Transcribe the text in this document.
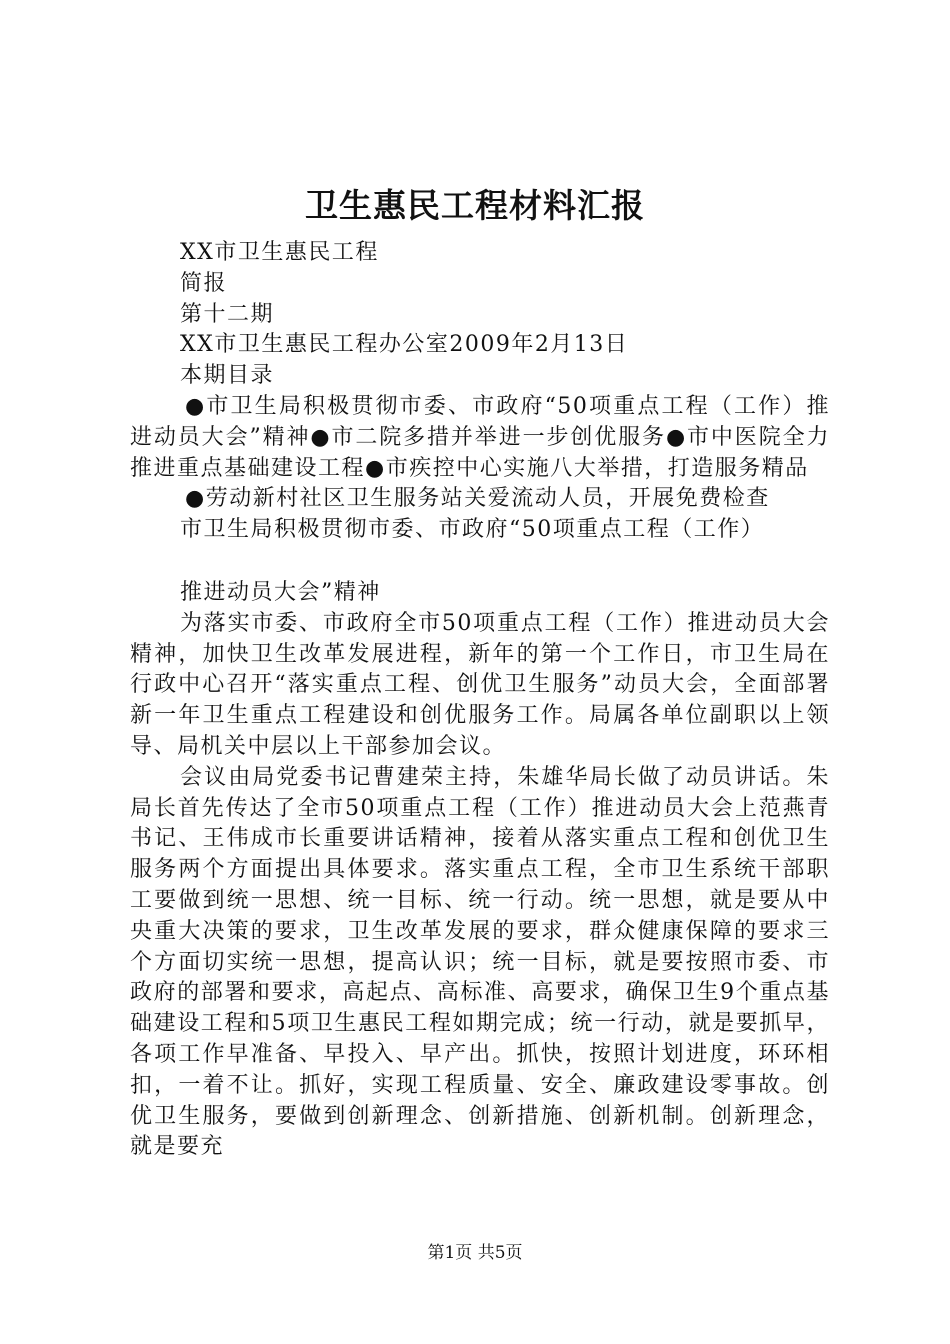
卫生惠民工程材料汇报

XX市卫生惠民工程

简报

第十二期

XX市卫生惠民工程办公室2009年2月13日

本期目录

●市卫生局积极贯彻市委、市政府“50项重点工程（工作）推进动员大会”精神●市二院多措并举进一步创优服务●市中医院全力推进重点基础建设工程●市疾控中心实施八大举措，打造服务精品

●劳动新村社区卫生服务站关爱流动人员，开展免费检查

市卫生局积极贯彻市委、市政府“50项重点工程（工作）

推进动员大会”精神

为落实市委、市政府全市50项重点工程（工作）推进动员大会精神，加快卫生改革发展进程，新年的第一个工作日，市卫生局在行政中心召开“落实重点工程、创优卫生服务”动员大会，全面部署新一年卫生重点工程建设和创优服务工作。局属各单位副职以上领导、局机关中层以上干部参加会议。

会议由局党委书记曹建荣主持，朱雄华局长做了动员讲话。朱局长首先传达了全市50项重点工程（工作）推进动员大会上范燕青书记、王伟成市长重要讲话精神，接着从落实重点工程和创优卫生服务两个方面提出具体要求。落实重点工程，全市卫生系统干部职工要做到统一思想、统一目标、统一行动。统一思想，就是要从中央重大决策的要求，卫生改革发展的要求，群众健康保障的要求三个方面切实统一思想，提高认识；统一目标，就是要按照市委、市政府的部署和要求，高起点、高标准、高要求，确保卫生9个重点基础建设工程和5项卫生惠民工程如期完成；统一行动，就是要抓早，各项工作早准备、早投入、早产出。抓快，按照计划进度，环环相扣，一着不让。抓好，实现工程质量、安全、廉政建设零事故。创优卫生服务，要做到创新理念、创新措施、创新机制。创新理念，就是要充

第1页 共5页
